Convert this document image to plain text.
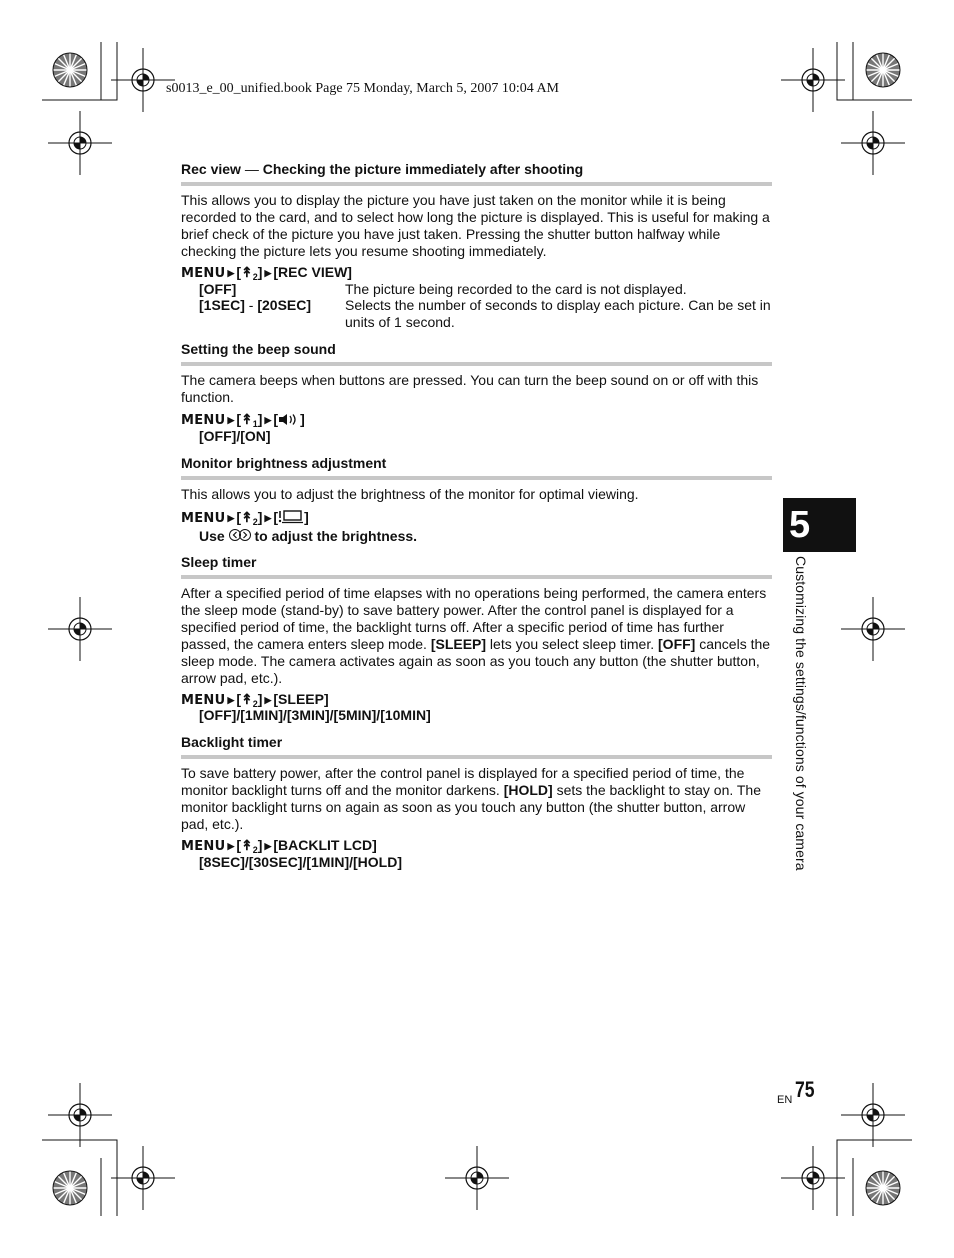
s0013_e_00_unified.book Page 75 Monday, March 5, 2007 10:04 AM
Rec view — Checking the picture immediately after shooting
This allows you to display the picture you have just taken on the monitor while it is being recorded to the card, and to select how long the picture is displayed. This is useful for making a brief check of the picture you have just taken. Pressing the shutter button halfway while checking the picture lets you resume shooting immediately.
MENU ▶ $[↟_2]$ ▶ [REC VIEW]
[OFF]	The picture being recorded to the card is not displayed.
[1SEC] - [20SEC] Selects the number of seconds to display each picture. Can be set in units of 1 second.
Setting the beep sound
The camera beeps when buttons are pressed. You can turn the beep sound on or off with this function.
MENU ▶ $[↟_1]$ ▶ [ ]
[OFF]/[ON]
Monitor brightness adjustment
This allows you to adjust the brightness of the monitor for optimal viewing.
MENU ▶ $[↟_2]$ ▶ [ ]
Use to adjust the brightness.
Sleep timer
After a specified period of time elapses with no operations being performed, the camera enters the sleep mode (stand-by) to save battery power. After the control panel is displayed for a specified period of time, the backlight turns off. After a specific period of time has further passed, the camera enters sleep mode. [SLEEP] lets you select sleep timer. [OFF] cancels the sleep mode. The camera activates again as soon as you touch any button (the shutter button, arrow pad, etc.).
MENU ▶ $[↟_2]$ ▶ [SLEEP]
[OFF]/[1MIN]/[3MIN]/[5MIN]/[10MIN]
Backlight timer
To save battery power, after the control panel is displayed for a specified period of time, the monitor backlight turns off and the monitor darkens. [HOLD] sets the backlight to stay on. The monitor backlight turns on again as soon as you touch any button (the shutter button, arrow pad, etc.).
MENU ▶ $[↟_2]$ ▶ [BACKLIT LCD]
[8SEC]/[30SEC]/[1MIN]/[HOLD]
5
Customizing the settings/functions of your camera
EN 75
